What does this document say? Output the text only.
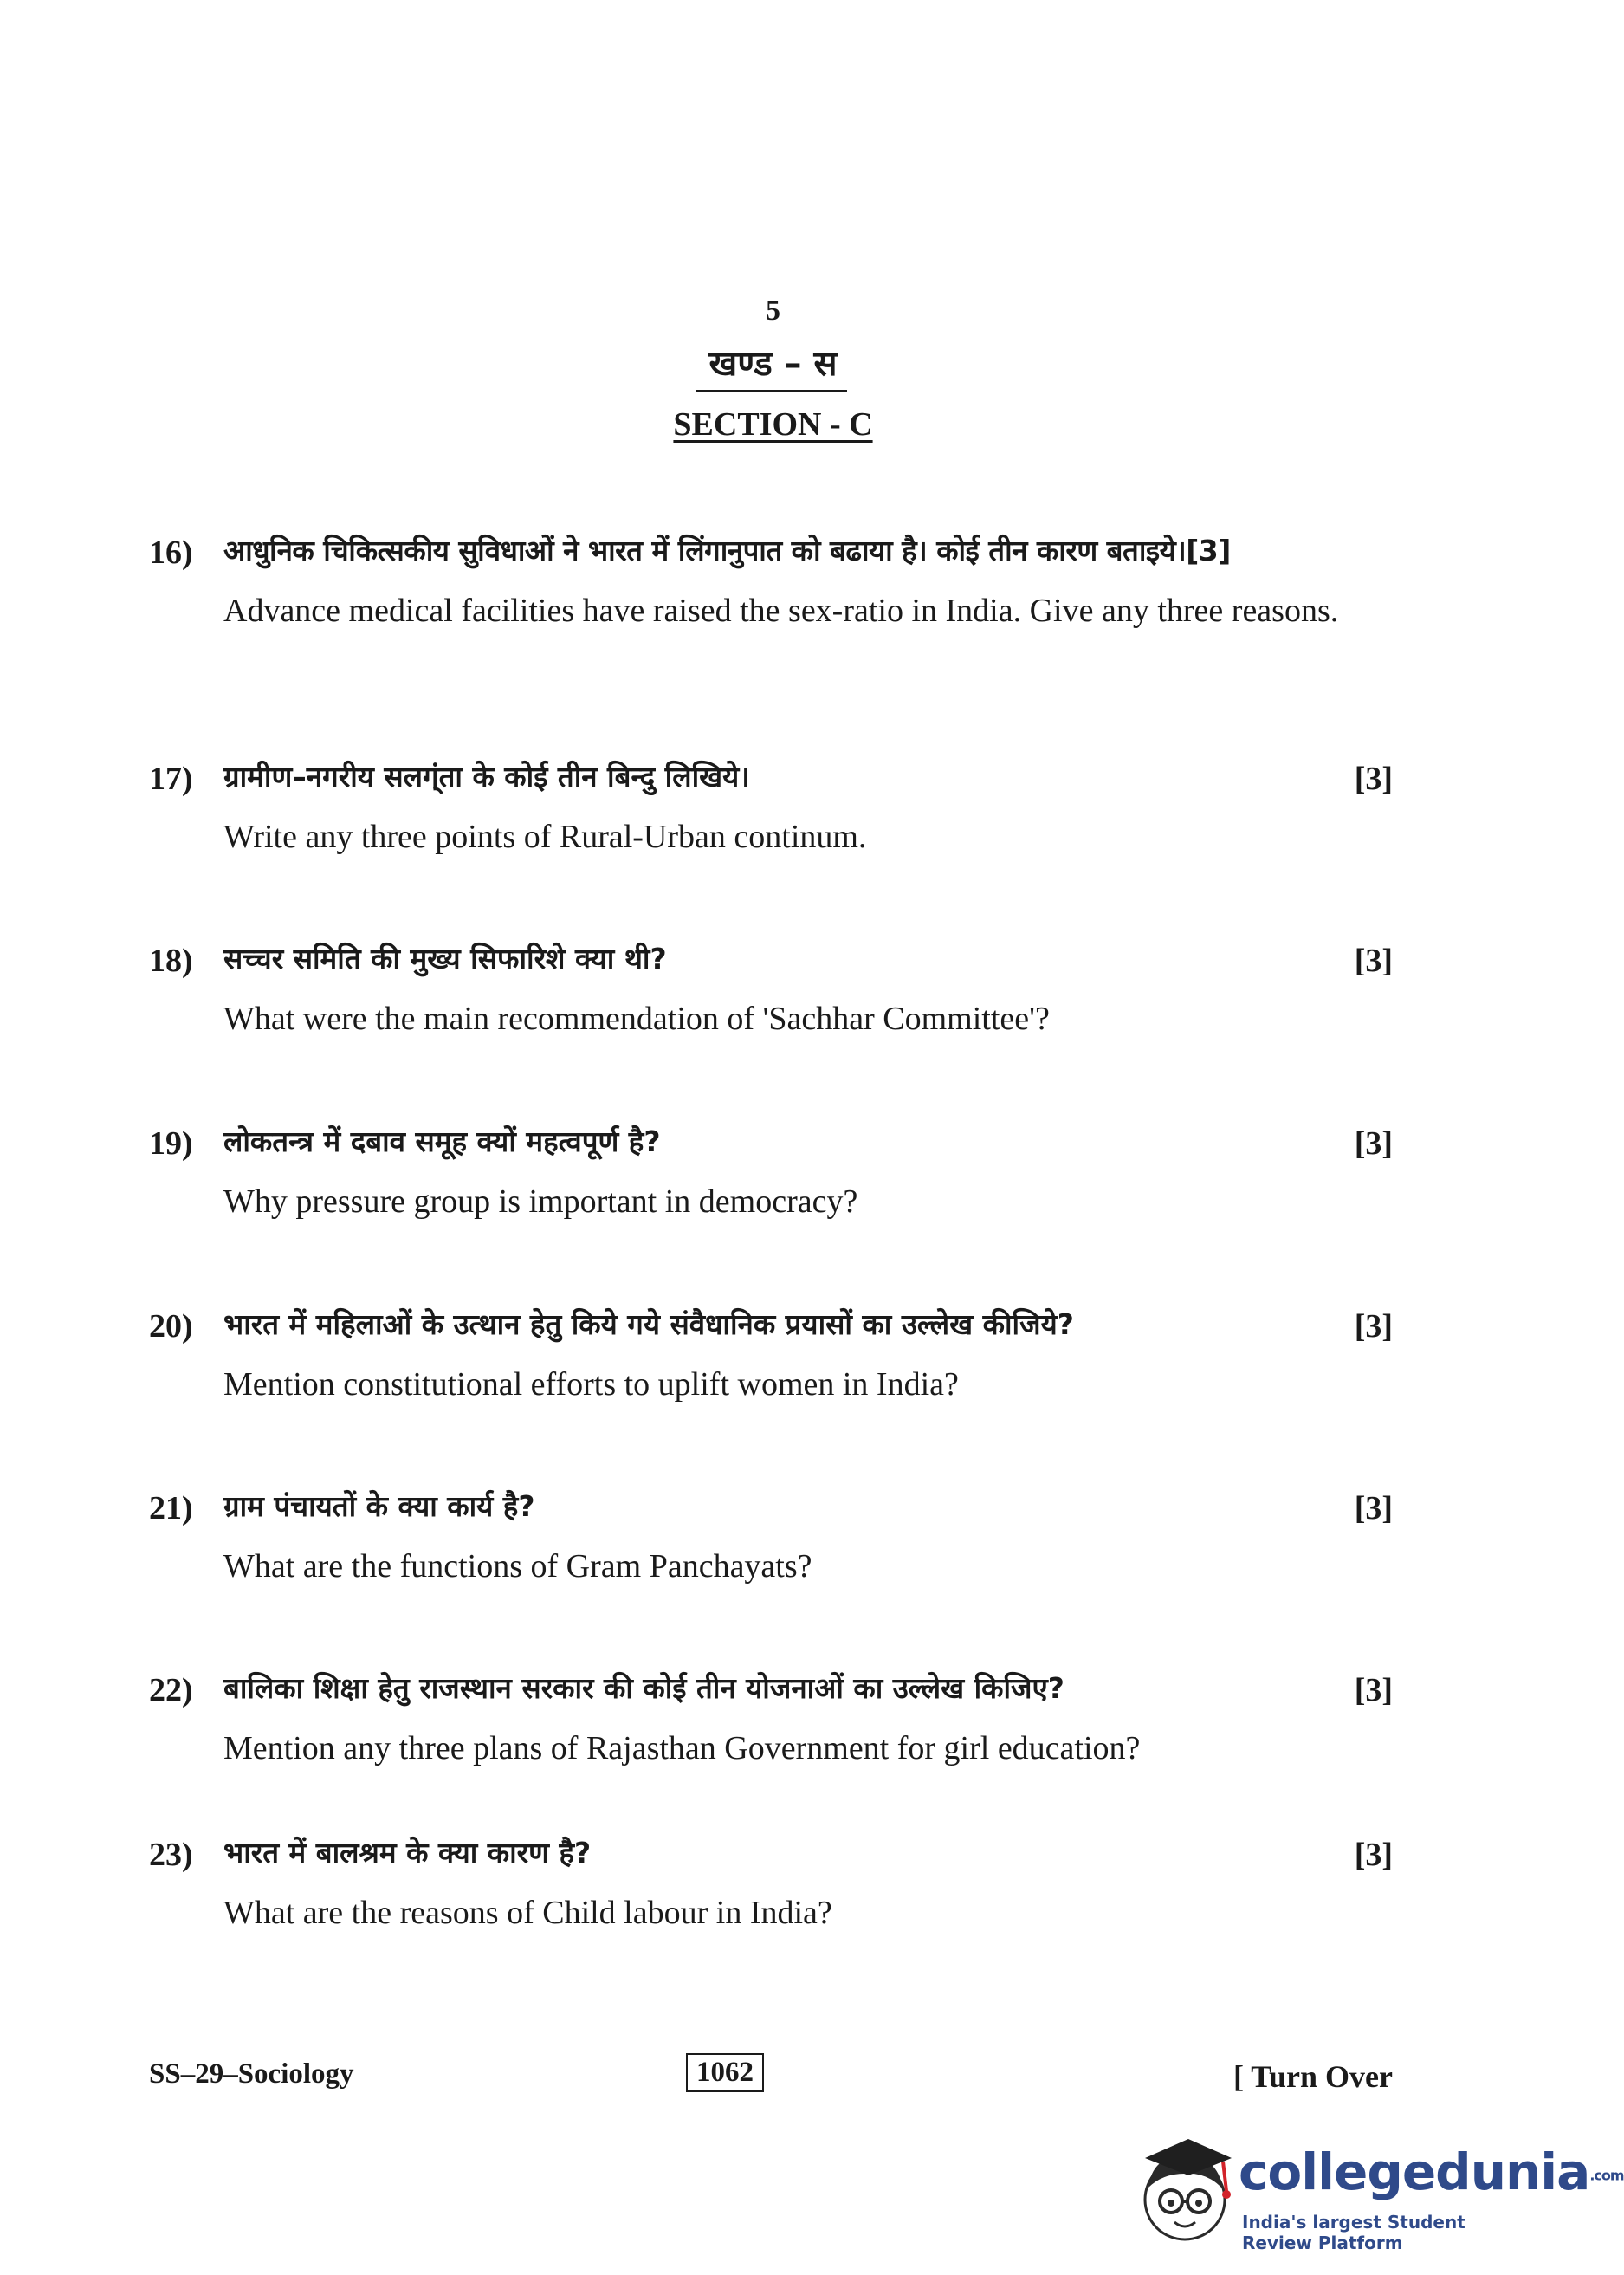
5
खण्ड – स
SECTION - C
16) आधुनिक चिकित्सकीय सुविधाओं ने भारत में लिंगानुपात को बढाया है। कोई तीन कारण बताइये।[3]
Advance medical facilities have raised the sex-ratio in India. Give any three reasons.
17) ग्रामीण–नगरीय सलग्ंता के कोई तीन बिन्दु लिखिये।	[3]
Write any three points of Rural-Urban continum.
18) सच्चर समिति की मुख्य सिफारिशे क्या थी?	[3]
What were the main recommendation of 'Sachhar Committee'?
19) लोकतन्त्र में दबाव समूह क्यों महत्वपूर्ण है?	[3]
Why pressure group is important in democracy?
20) भारत में महिलाओं के उत्थान हेतु किये गये संवैधानिक प्रयासों का उल्लेख कीजिये?	[3]
Mention constitutional efforts to uplift women in India?
21) ग्राम पंचायतों के क्या कार्य है?	[3]
What are the functions of Gram Panchayats?
22) बालिका शिक्षा हेतु राजस्थान सरकार की कोई तीन योजनाओं का उल्लेख किजिए?	[3]
Mention any three plans of Rajasthan Government for girl education?
23) भारत में बालश्रम के क्या कारण है?	[3]
What are the reasons of Child labour in India?
SS–29–Sociology	1062	[ Turn Over
collegedunia.com
India's largest Student Review Platform
